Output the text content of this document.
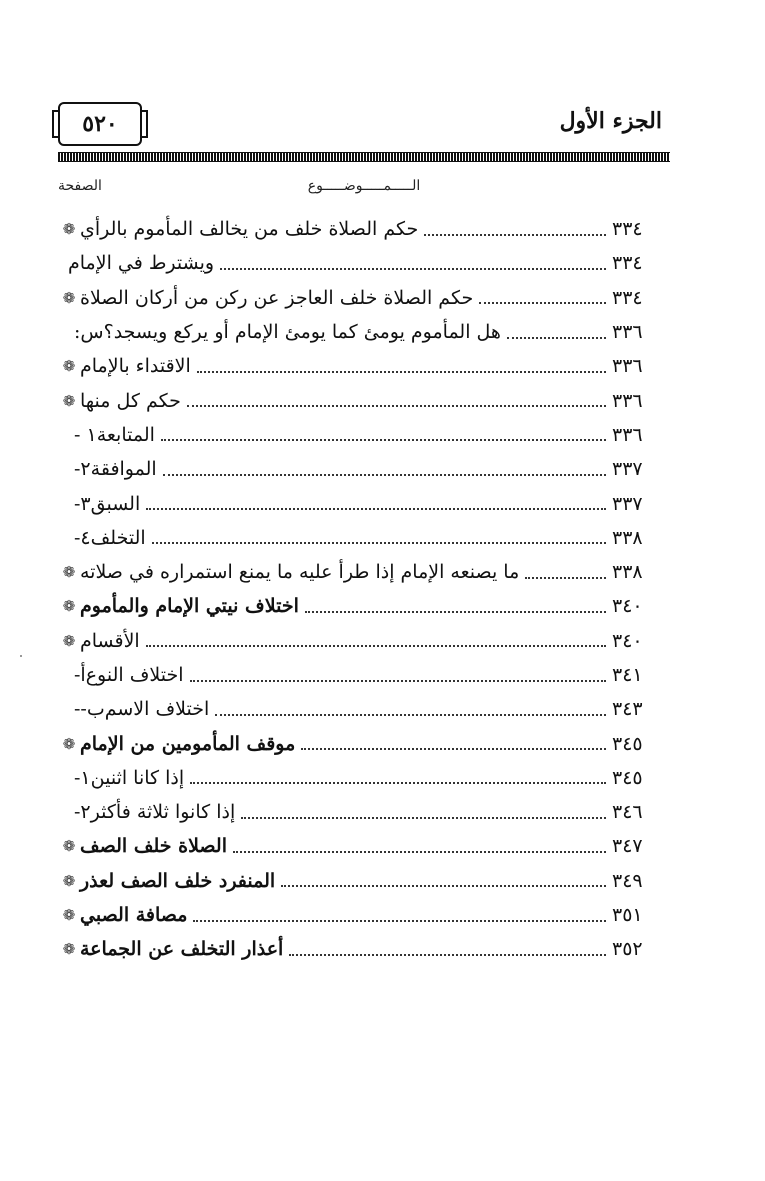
٥٢٠	الجزء الأول
الـــــمـــــوضـــــوع
الصفحة
❁ حكم الصلاة خلف من يخالف المأموم بالرأي	٣٣٤
ويشترط في الإمام	٣٣٤
❁ حكم الصلاة خلف العاجز عن ركن من أركان الصلاة	٣٣٤
س: هل المأموم يومئ كما يومئ الإمام أو يركع ويسجد؟	٣٣٦
❁ الاقتداء بالإمام	٣٣٦
❁ حكم كل منها	٣٣٦
١ - المتابعة	٣٣٦
٢- الموافقة	٣٣٧
٣- السبق	٣٣٧
٤- التخلف	٣٣٨
❁ ما يصنعه الإمام إذا طرأ عليه ما يمنع استمراره في صلاته	٣٣٨
❁ اختلاف نيتي الإمام والمأموم	٣٤٠
❁ الأقسام	٣٤٠
أ- اختلاف النوع	٣٤١
ب-- اختلاف الاسم	٣٤٣
❁ موقف المأمومين من الإمام	٣٤٥
١- إذا كانا اثنين	٣٤٥
٢- إذا كانوا ثلاثة فأكثر	٣٤٦
❁ الصلاة خلف الصف	٣٤٧
❁ المنفرد خلف الصف لعذر	٣٤٩
❁ مصافة الصبي	٣٥١
❁ أعذار التخلف عن الجماعة	٣٥٢
